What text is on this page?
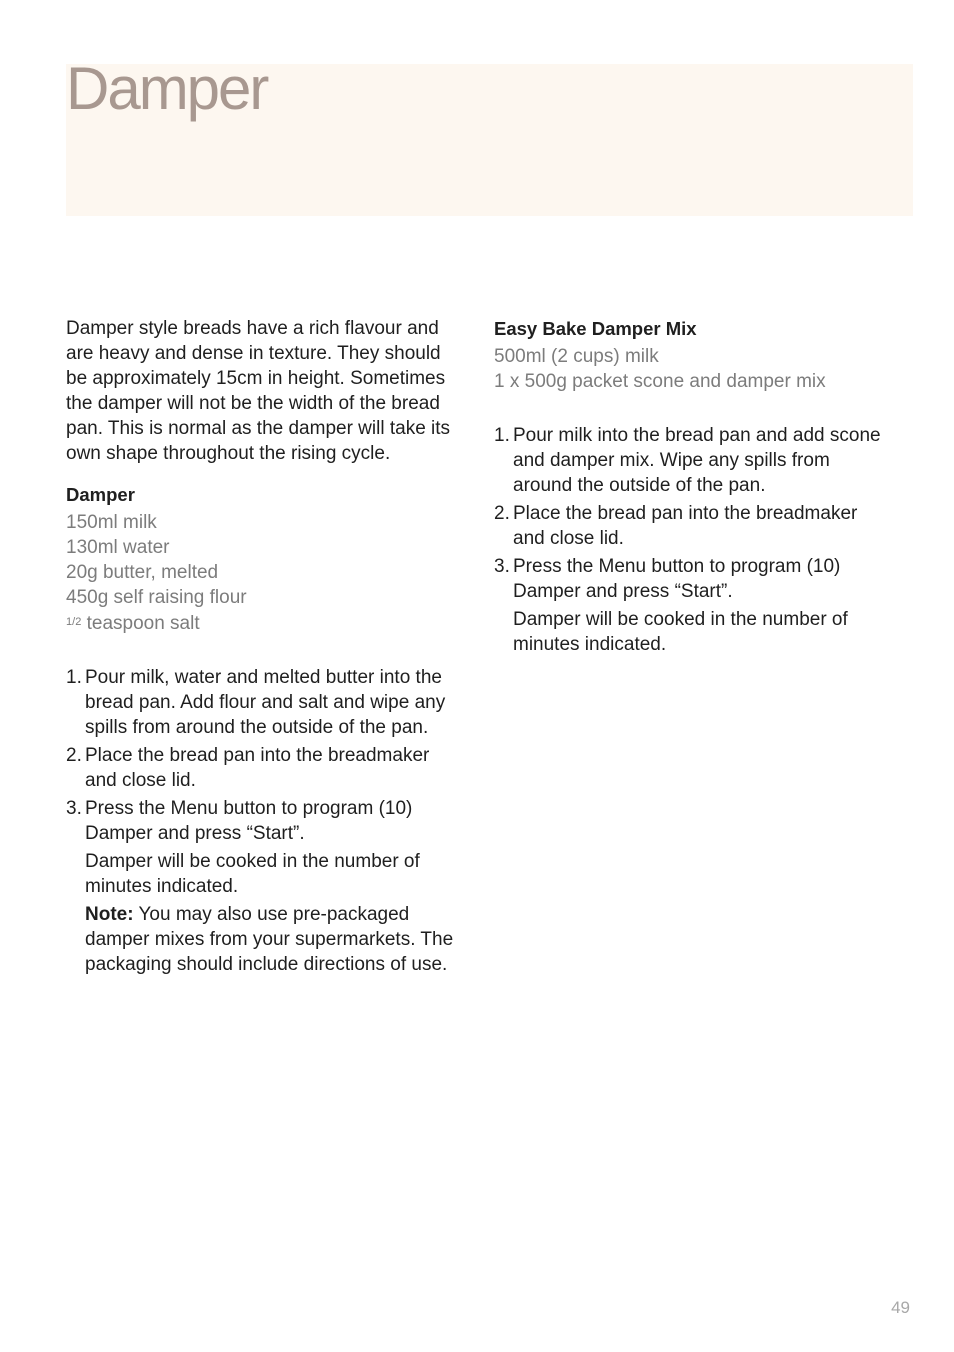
Damper

Damper style breads have a rich flavour and are heavy and dense in texture. They should be approximately 15cm in height. Sometimes the damper will not be the width of the bread pan. This is normal as the damper will take its own shape throughout the rising cycle.

Damper
150ml milk
130ml water
20g butter, melted
450g self raising flour
$^{1/2}$ teaspoon salt
1. Pour milk, water and melted butter into the bread pan. Add flour and salt and wipe any spills from around the outside of the pan.
2. Place the bread pan into the breadmaker and close lid.
3. Press the Menu button to program (10) Damper and press “Start”.

Damper will be cooked in the number of minutes indicated.

Note: You may also use pre-packaged damper mixes from your supermarkets. The packaging should include directions of use.

Easy Bake Damper Mix
500ml (2 cups) milk
1 x 500g packet scone and damper mix
1. Pour milk into the bread pan and add scone and damper mix. Wipe any spills from around the outside of the pan.
2. Place the bread pan into the breadmaker and close lid.
3. Press the Menu button to program (10) Damper and press “Start”.

Damper will be cooked in the number of minutes indicated.

49
